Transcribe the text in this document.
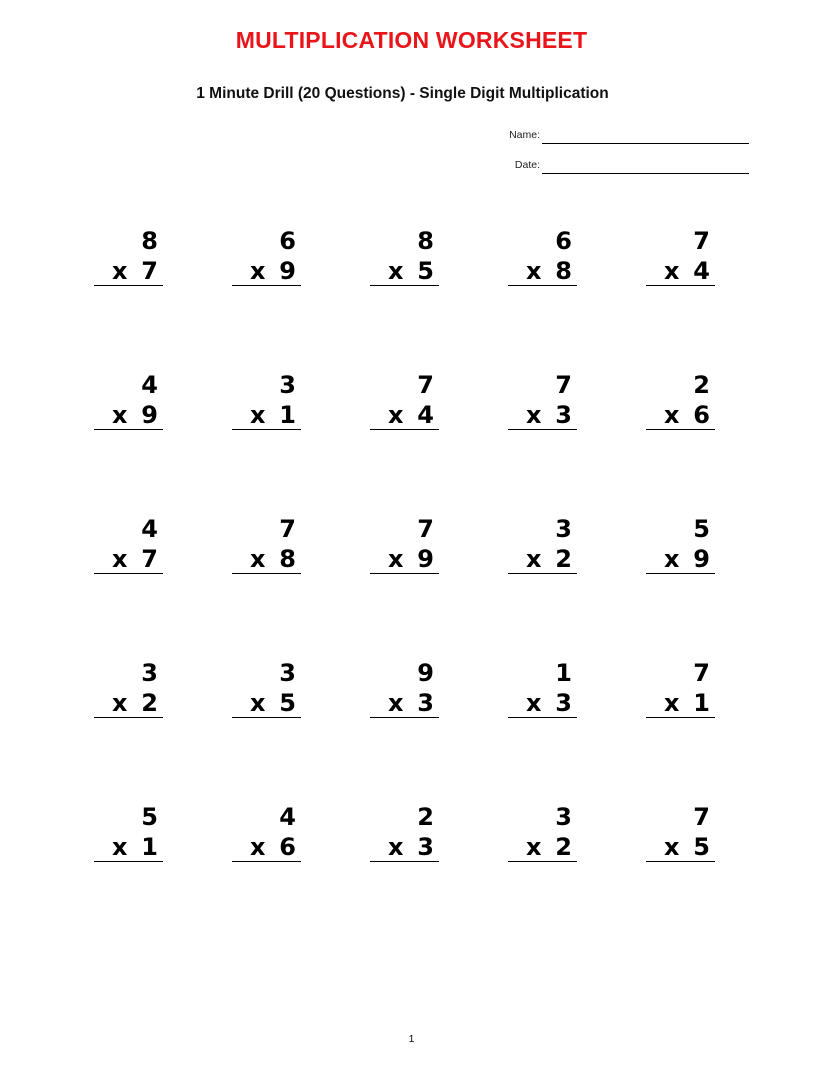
MULTIPLICATION WORKSHEET
1 Minute Drill (20 Questions) - Single Digit Multiplication
Name:
Date:
8
x 7
6
x 9
8
x 5
6
x 8
7
x 4
4
x 9
3
x 1
7
x 4
7
x 3
2
x 6
4
x 7
7
x 8
7
x 9
3
x 2
5
x 9
3
x 2
3
x 5
9
x 3
1
x 3
7
x 1
5
x 1
4
x 6
2
x 3
3
x 2
7
x 5
1
